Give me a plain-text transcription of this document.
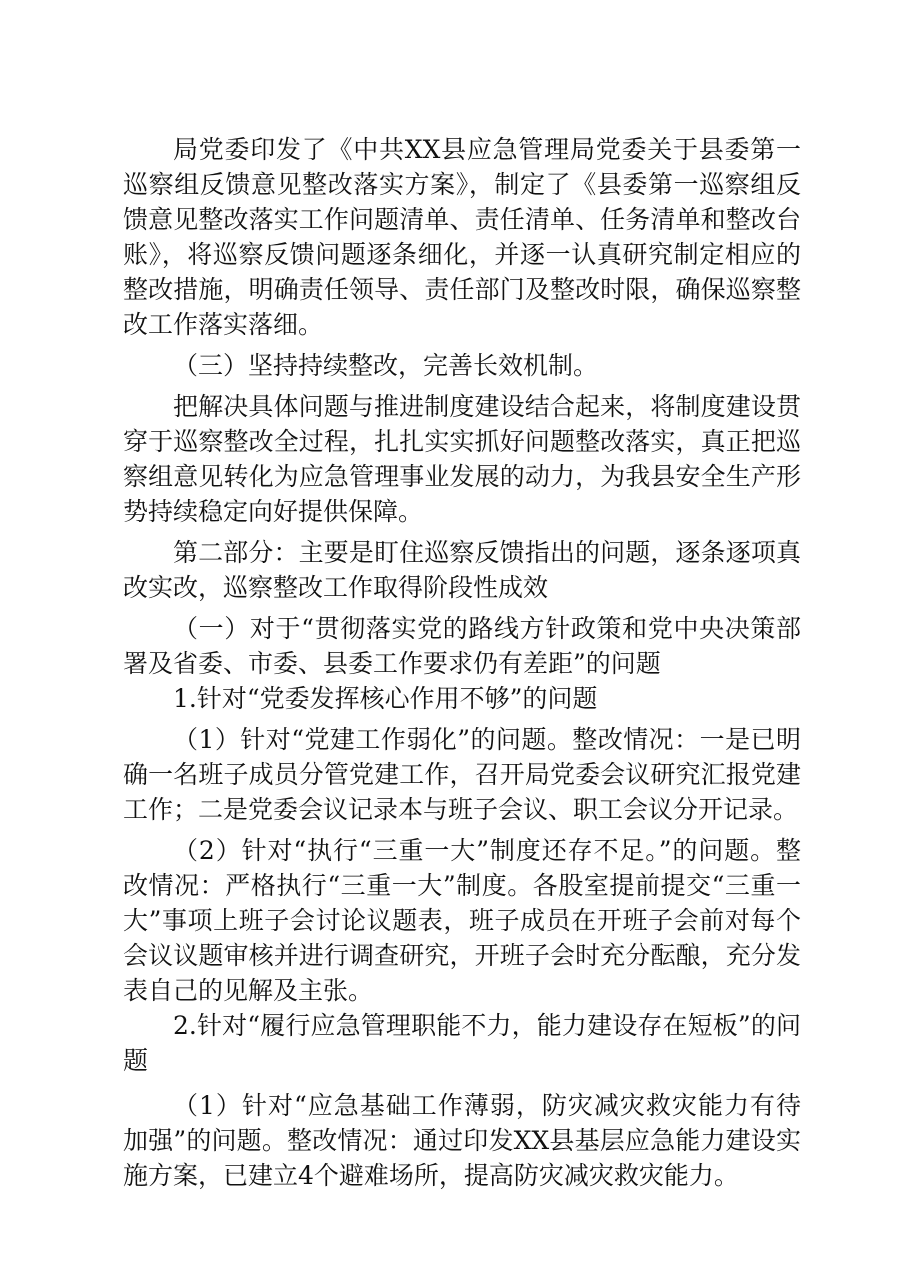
局党委印发了《中共XX县应急管理局党委关于县委第一巡察组反馈意见整改落实方案》，制定了《县委第一巡察组反馈意见整改落实工作问题清单、责任清单、任务清单和整改台账》，将巡察反馈问题逐条细化，并逐一认真研究制定相应的整改措施，明确责任领导、责任部门及整改时限，确保巡察整改工作落实落细。

（三）坚持持续整改，完善长效机制。

把解决具体问题与推进制度建设结合起来，将制度建设贯穿于巡察整改全过程，扎扎实实抓好问题整改落实，真正把巡察组意见转化为应急管理事业发展的动力，为我县安全生产形势持续稳定向好提供保障。

第二部分：主要是盯住巡察反馈指出的问题，逐条逐项真改实改，巡察整改工作取得阶段性成效

（一）对于“贯彻落实党的路线方针政策和党中央决策部署及省委、市委、县委工作要求仍有差距”的问题

1.针对“党委发挥核心作用不够”的问题

（1）针对“党建工作弱化”的问题。整改情况：一是已明确一名班子成员分管党建工作，召开局党委会议研究汇报党建工作；二是党委会议记录本与班子会议、职工会议分开记录。

（2）针对“执行“三重一大”制度还存不足。”的问题。整改情况：严格执行“三重一大”制度。各股室提前提交“三重一大”事项上班子会讨论议题表，班子成员在开班子会前对每个会议议题审核并进行调查研究，开班子会时充分酝酿，充分发表自己的见解及主张。

2.针对“履行应急管理职能不力，能力建设存在短板”的问题

（1）针对“应急基础工作薄弱，防灾减灾救灾能力有待加强”的问题。整改情况：通过印发XX县基层应急能力建设实施方案，已建立4个避难场所，提高防灾减灾救灾能力。
